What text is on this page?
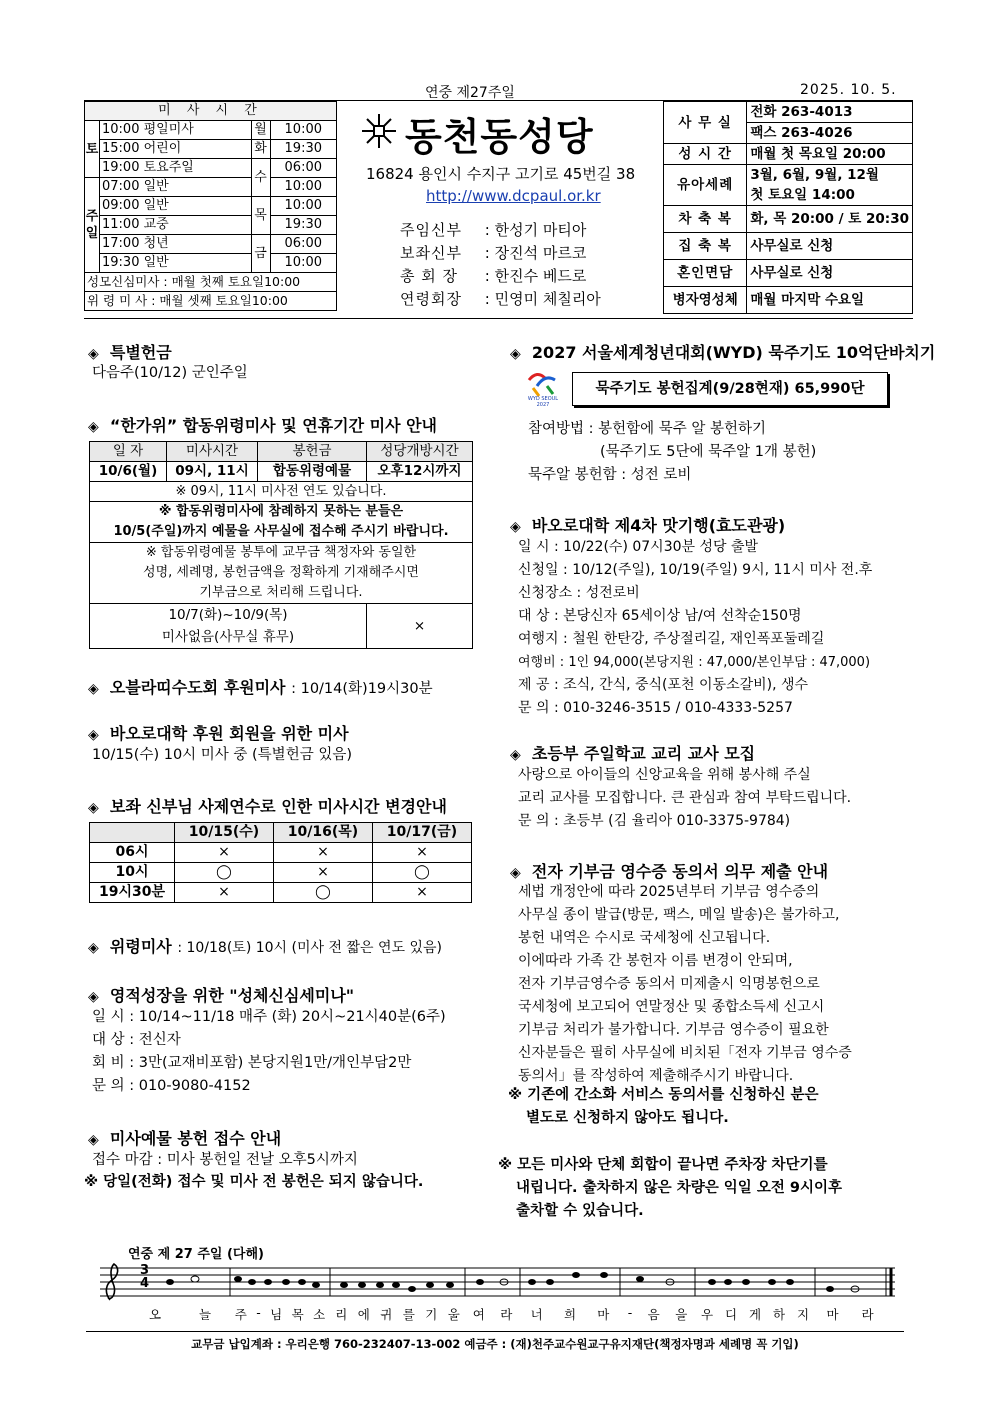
연중 제27주일	2025. 10. 5.
미 사 시 간			
토	10:00 평일미사	월	10:00
	15:00 어린이	화	19:30
	19:00 토요주일	수	06:00
주일	07:00 일반		10:00
	09:00 일반	목	10:00
	11:00 교중		19:30
	17:00 청년	금	06:00
	19:30 일반		10:00
성모신심미사 : 매월 첫째 토요일10:00			
위 령 미 사 : 매월 셋째 토요일10:00			
동천동성당
16824 용인시 수지구 고기로 45번길 38
http://www.dcpaul.or.kr
주임신부 : 한성기 마티아
보좌신부 : 장진석 마르코
총 회 장 : 한진수 베드로
연령회장 : 민영미 체칠리아
사 무 실	전화 263-4013
	팩스 263-4026
성 시 간	매월 첫 목요일 20:00
유아세례	3월, 6월, 9월, 12월
	첫 토요일 14:00
차 축 복	화, 목 20:00 / 토 20:30
집 축 복	사무실로 신청
혼인면담	사무실로 신청
병자영성체	매월 마지막 수요일
◈ 특별헌금
다음주(10/12) 군인주일
◈ “한가위” 합동위령미사 및 연휴기간 미사 안내
일 자	미사시간	봉헌금	성당개방시간
10/6(월)	09시, 11시	합동위령예물	오후12시까지
※ 09시, 11시 미사전 연도 있습니다.			

※ 합동위령미사에 참례하지 못하는 분들은
10/5(주일)까지 예물을 사무실에 접수해 주시기 바랍니다.			

※ 합동위령예물 봉투에 교무금 책정자와 동일한
성명, 세례명, 봉헌금액을 정확하게 기재해주시면
기부금으로 처리해 드립니다.			

10/7(화)~10/9(목)
미사없음(사무실 휴무)			×
◈ 오블라띠수도회 후원미사 : 10/14(화)19시30분
◈ 바오로대학 후원 회원을 위한 미사
10/15(수) 10시 미사 중 (특별헌금 있음)
◈ 보좌 신부님 사제연수로 인한 미사시간 변경안내
	10/15(수)	10/16(목)	10/17(금)
06시	×	×	×
10시	◯	×	◯
19시30분	×	◯	×
◈ 위령미사 : 10/18(토) 10시 (미사 전 짧은 연도 있음)
◈ 영적성장을 위한 "성체신심세미나"
일 시 : 10/14~11/18 매주 (화) 20시~21시40분(6주)
대 상 : 전신자
회 비 : 3만(교재비포함) 본당지원1만/개인부담2만
문 의 : 010-9080-4152
◈ 미사예물 봉헌 접수 안내
접수 마감 : 미사 봉헌일 전날 오후5시까지
※ 당일(전화) 접수 및 미사 전 봉헌은 되지 않습니다.
◈ 2027 서울세계청년대회(WYD) 묵주기도 10억단바치기
WYD SEOUL 2027
묵주기도 봉헌집계(9/28현재) 65,990단
참여방법 : 봉헌함에 묵주 알 봉헌하기
(묵주기도 5단에 묵주알 1개 봉헌)
묵주알 봉헌함 : 성전 로비
◈ 바오로대학 제4차 맛기행(효도관광)
일 시 : 10/22(수) 07시30분 성당 출발
신청일 : 10/12(주일), 10/19(주일) 9시, 11시 미사 전.후
신청장소 : 성전로비
대 상 : 본당신자 65세이상 남/여 선착순150명
여행지 : 철원 한탄강, 주상절리길, 재인폭포둘레길
여행비 : 1인 94,000(본당지원 : 47,000/본인부담 : 47,000)
제 공 : 조식, 간식, 중식(포천 이동소갈비), 생수
문 의 : 010-3246-3515 / 010-4333-5257
◈ 초등부 주일학교 교리 교사 모집
사랑으로 아이들의 신앙교육을 위해 봉사해 주실
교리 교사를 모집합니다. 큰 관심과 참여 부탁드립니다.
문 의 : 초등부 (김 율리아 010-3375-9784)
◈ 전자 기부금 영수증 동의서 의무 제출 안내
세법 개정안에 따라 2025년부터 기부금 영수증의
사무실 종이 발급(방문, 팩스, 메일 발송)은 불가하고,
봉헌 내역은 수시로 국세청에 신고됩니다.
이에따라 가족 간 봉헌자 이름 변경이 안되며,
전자 기부금영수증 동의서 미제출시 익명봉헌으로
국세청에 보고되어 연말정산 및 종합소득세 신고시
기부금 처리가 불가합니다. 기부금 영수증이 필요한
신자분들은 필히 사무실에 비치된「전자 기부금 영수증
동의서」를 작성하여 제출해주시기 바랍니다.
※ 기존에 간소화 서비스 동의서를 신청하신 분은
별도로 신청하지 않아도 됩니다.
※ 모든 미사와 단체 회합이 끝나면 주차장 차단기를
내립니다. 출차하지 않은 차량은 익일 오전 9시이후
출차할 수 있습니다.
연중 제 27 주일 (다해)
3
4
오	늘 주 - 님 목 소 리 에 귀 를 기 울 여 라 너 희 마 - 음 을 우 디 게 하 지 마 라
교무금 납입계좌 : 우리은행 760-232407-13-002 예금주 : (재)천주교수원교구유지재단(책정자명과 세례명 꼭 기입)
